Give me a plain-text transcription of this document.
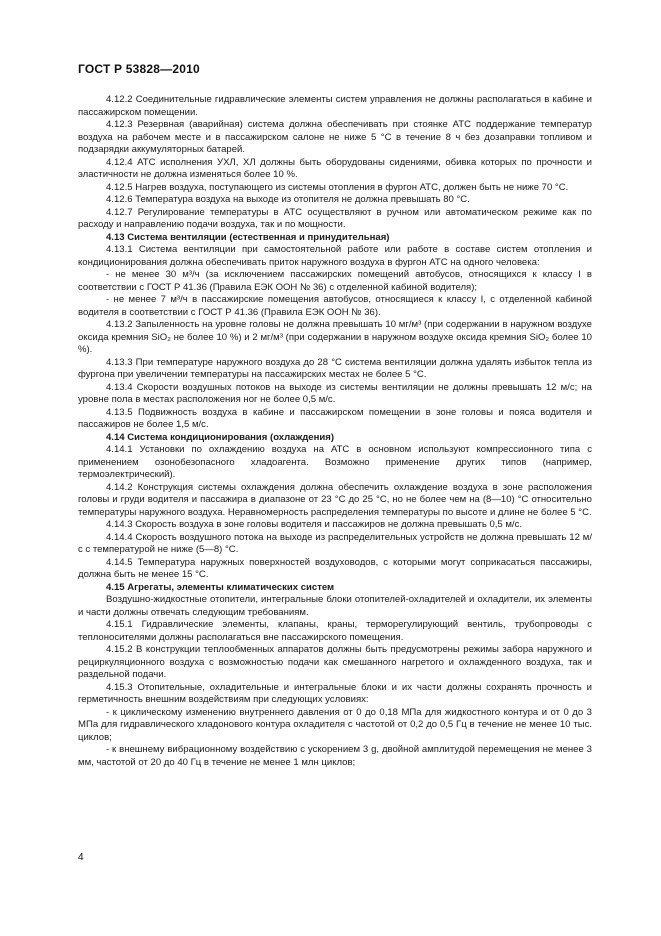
ГОСТ Р 53828—2010

4.12.2 Соединительные гидравлические элементы систем управления не должны располагаться в кабине и пассажирском помещении.

4.12.3 Резервная (аварийная) система должна обеспечивать при стоянке АТС поддержание температур воздуха на рабочем месте и в пассажирском салоне не ниже 5 °С в течение 8 ч без дозаправки топливом и подзарядки аккумуляторных батарей.

4.12.4 АТС исполнения УХЛ, ХЛ должны быть оборудованы сидениями, обивка которых по прочности и эластичности не должна изменяться более 10 %.

4.12.5 Нагрев воздуха, поступающего из системы отопления в фургон АТС, должен быть не ниже 70 °С.

4.12.6 Температура воздуха на выходе из отопителя не должна превышать 80 °С.

4.12.7 Регулирование температуры в АТС осуществляют в ручном или автоматическом режиме как по расходу и направлению подачи воздуха, так и по мощности.

4.13 Система вентиляции (естественная и принудительная)

4.13.1 Система вентиляции при самостоятельной работе или работе в составе систем отопления и кондиционирования должна обеспечивать приток наружного воздуха в фургон АТС на одного человека:

- не менее 30 м³/ч (за исключением пассажирских помещений автобусов, относящихся к классу I в соответствии с ГОСТ Р 41.36 (Правила ЕЭК ООН № 36) с отделенной кабиной водителя);

- не менее 7 м³/ч в пассажирские помещения автобусов, относящиеся к классу I, с отделенной кабиной водителя в соответствии с ГОСТ Р 41.36 (Правила ЕЭК ООН № 36).

4.13.2 Запыленность на уровне головы не должна превышать 10 мг/м³ (при содержании в наружном воздухе оксида кремния SiO₂ не более 10 %) и 2 мг/м³ (при содержании в наружном воздухе оксида кремния SiO₂ более 10 %).

4.13.3 При температуре наружного воздуха до 28 °С система вентиляции должна удалять избыток тепла из фургона при увеличении температуры на пассажирских местах не более 5 °С.

4.13.4 Скорости воздушных потоков на выходе из системы вентиляции не должны превышать 12 м/с; на уровне пола в местах расположения ног не более 0,5 м/с.

4.13.5 Подвижность воздуха в кабине и пассажирском помещении в зоне головы и пояса водителя и пассажиров не более 1,5 м/с.

4.14 Система кондиционирования (охлаждения)

4.14.1 Установки по охлаждению воздуха на АТС в основном используют компрессионного типа с применением озонобезопасного хладоагента. Возможно применение других типов (например, термоэлектрический).

4.14.2 Конструкция системы охлаждения должна обеспечить охлаждение воздуха в зоне расположения головы и груди водителя и пассажира в диапазоне от 23 °С до 25 °С, но не более чем на (8—10) °С относительно температуры наружного воздуха. Неравномерность распределения температуры по высоте и длине не более 5 °С.

4.14.3 Скорость воздуха в зоне головы водителя и пассажиров не должна превышать 0,5 м/с.

4.14.4 Скорость воздушного потока на выходе из распределительных устройств не должна превышать 12 м/с с температурой не ниже (5—8) °С.

4.14.5 Температура наружных поверхностей воздуховодов, с которыми могут соприкасаться пассажиры, должна быть не менее 15 °С.

4.15 Агрегаты, элементы климатических систем

Воздушно-жидкостные отопители, интегральные блоки отопителей-охладителей и охладители, их элементы и части должны отвечать следующим требованиям.

4.15.1 Гидравлические элементы, клапаны, краны, терморегулирующий вентиль, трубопроводы с теплоносителями должны располагаться вне пассажирского помещения.

4.15.2 В конструкции теплообменных аппаратов должны быть предусмотрены режимы забора наружного и рециркуляционного воздуха с возможностью подачи как смешанного нагретого и охлажденного воздуха, так и раздельной подачи.

4.15.3 Отопительные, охладительные и интегральные блоки и их части должны сохранять прочность и герметичность внешним воздействиям при следующих условиях:

- к циклическому изменению внутреннего давления от 0 до 0,18 МПа для жидкостного контура и от 0 до 3 МПа для гидравлического хладонового контура охладителя с частотой от 0,2 до 0,5 Гц в течение не менее 10 тыс. циклов;

- к внешнему вибрационному воздействию с ускорением 3 g, двойной амплитудой перемещения не менее 3 мм, частотой от 20 до 40 Гц в течение не менее 1 млн циклов;

4
